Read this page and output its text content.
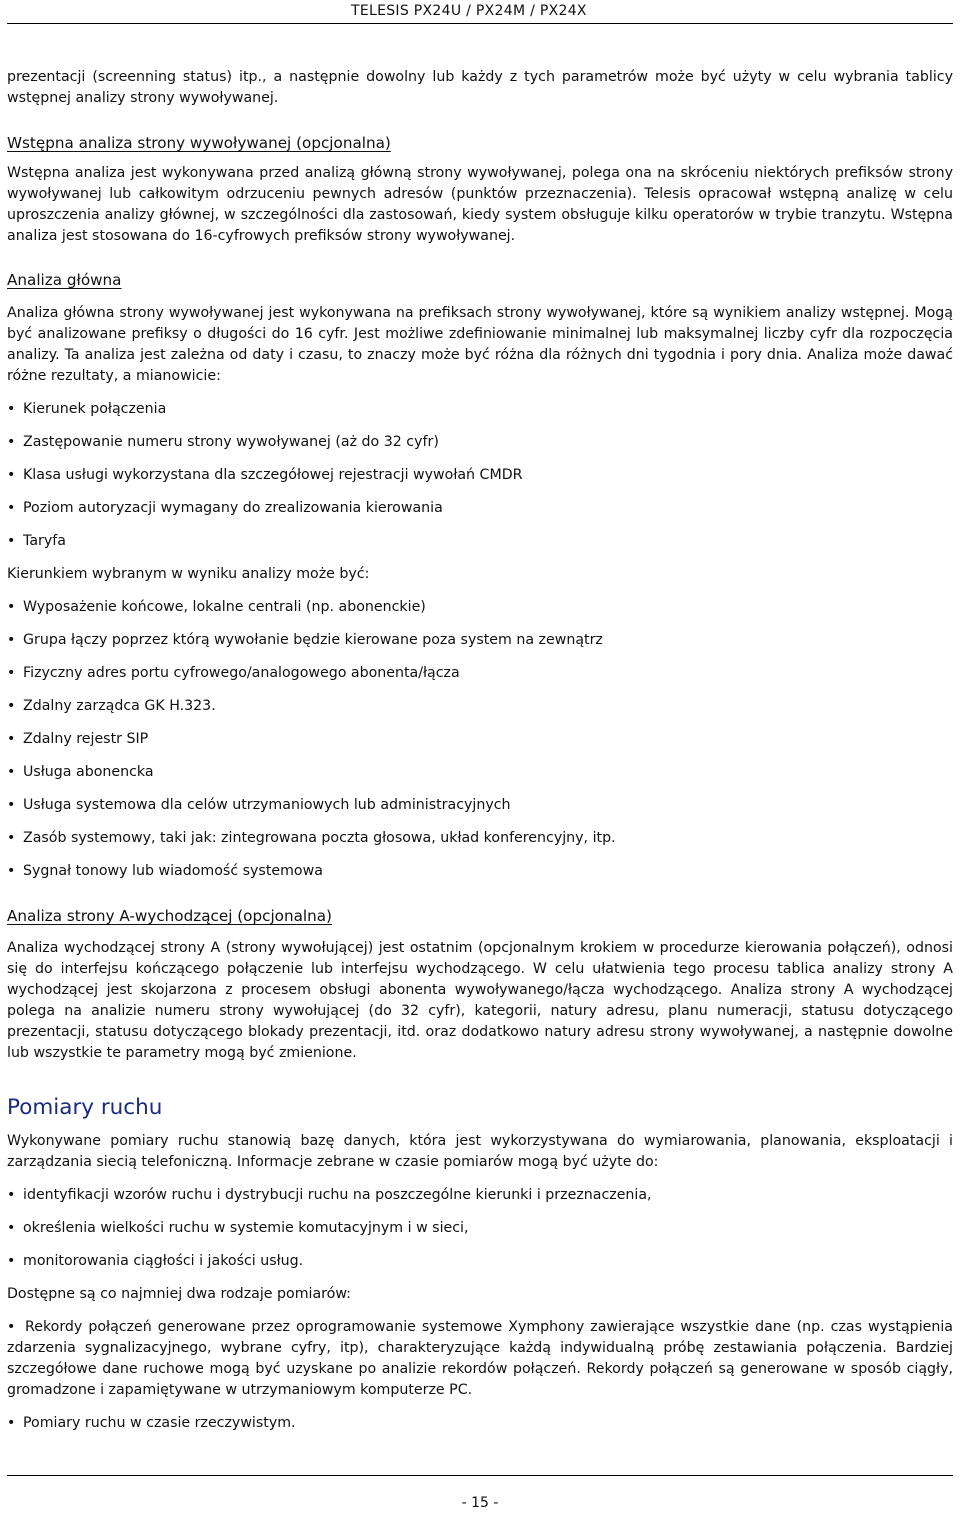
TELESIS PX24U / PX24M / PX24X

prezentacji (screenning status) itp., a następnie dowolny lub każdy z tych parametrów może być użyty w celu wybrania tablicy wstępnej analizy strony wywoływanej.

Wstępna analiza strony wywoływanej (opcjonalna)

Wstępna analiza jest wykonywana przed analizą główną strony wywoływanej, polega ona na skróceniu niektórych prefiksów strony wywoływanej lub całkowitym odrzuceniu pewnych adresów (punktów przeznaczenia). Telesis opracował wstępną analizę w celu uproszczenia analizy głównej, w szczególności dla zastosowań, kiedy system obsługuje kilku operatorów w trybie tranzytu. Wstępna analiza jest stosowana do 16-cyfrowych prefiksów strony wywoływanej.

Analiza główna

Analiza główna strony wywoływanej jest wykonywana na prefiksach strony wywoływanej, które są wynikiem analizy wstępnej. Mogą być analizowane prefiksy o długości do 16 cyfr. Jest możliwe zdefiniowanie minimalnej lub maksymalnej liczby cyfr dla rozpoczęcia analizy. Ta analiza jest zależna od daty i czasu, to znaczy może być różna dla różnych dni tygodnia i pory dnia. Analiza może dawać różne rezultaty, a mianowicie:

• Kierunek połączenia
• Zastępowanie numeru strony wywoływanej (aż do 32 cyfr)
• Klasa usługi wykorzystana dla szczegółowej rejestracji wywołań CMDR
• Poziom autoryzacji wymagany do zrealizowania kierowania
• Taryfa

Kierunkiem wybranym w wyniku analizy może być:

• Wyposażenie końcowe, lokalne centrali (np. abonenckie)
• Grupa łączy poprzez którą wywołanie będzie kierowane poza system na zewnątrz
• Fizyczny adres portu cyfrowego/analogowego abonenta/łącza
• Zdalny zarządca GK H.323.
• Zdalny rejestr SIP
• Usługa abonencka
• Usługa systemowa dla celów utrzymaniowych lub administracyjnych
• Zasób systemowy, taki jak: zintegrowana poczta głosowa, układ konferencyjny, itp.
• Sygnał tonowy lub wiadomość systemowa
Analiza strony A-wychodzącej (opcjonalna)

Analiza wychodzącej strony A (strony wywołującej) jest ostatnim (opcjonalnym krokiem w procedurze kierowania połączeń), odnosi się do interfejsu kończącego połączenie lub interfejsu wychodzącego. W celu ułatwienia tego procesu tablica analizy strony A wychodzącej jest skojarzona z procesem obsługi abonenta wywoływanego/łącza wychodzącego. Analiza strony A wychodzącej polega na analizie numeru strony wywołującej (do 32 cyfr), kategorii, natury adresu, planu numeracji, statusu dotyczącego prezentacji, statusu dotyczącego blokady prezentacji, itd. oraz dodatkowo natury adresu strony wywoływanej, a następnie dowolne lub wszystkie te parametry mogą być zmienione.

Pomiary ruchu

Wykonywane pomiary ruchu stanowią bazę danych, która jest wykorzystywana do wymiarowania, planowania, eksploatacji i zarządzania siecią telefoniczną. Informacje zebrane w czasie pomiarów mogą być użyte do:

• identyfikacji wzorów ruchu i dystrybucji ruchu na poszczególne kierunki i przeznaczenia,
• określenia wielkości ruchu w systemie komutacyjnym i w sieci,
• monitorowania ciągłości i jakości usług.

Dostępne są co najmniej dwa rodzaje pomiarów:

• Rekordy połączeń generowane przez oprogramowanie systemowe Xymphony zawierające wszystkie dane (np. czas wystąpienia zdarzenia sygnalizacyjnego, wybrane cyfry, itp), charakteryzujące każdą indywidualną próbę zestawiania połączenia. Bardziej szczegółowe dane ruchowe mogą być uzyskane po analizie rekordów połączeń. Rekordy połączeń są generowane w sposób ciągły, gromadzone i zapamiętywane w utrzymaniowym komputerze PC.
• Pomiary ruchu w czasie rzeczywistym.
- 15 -
